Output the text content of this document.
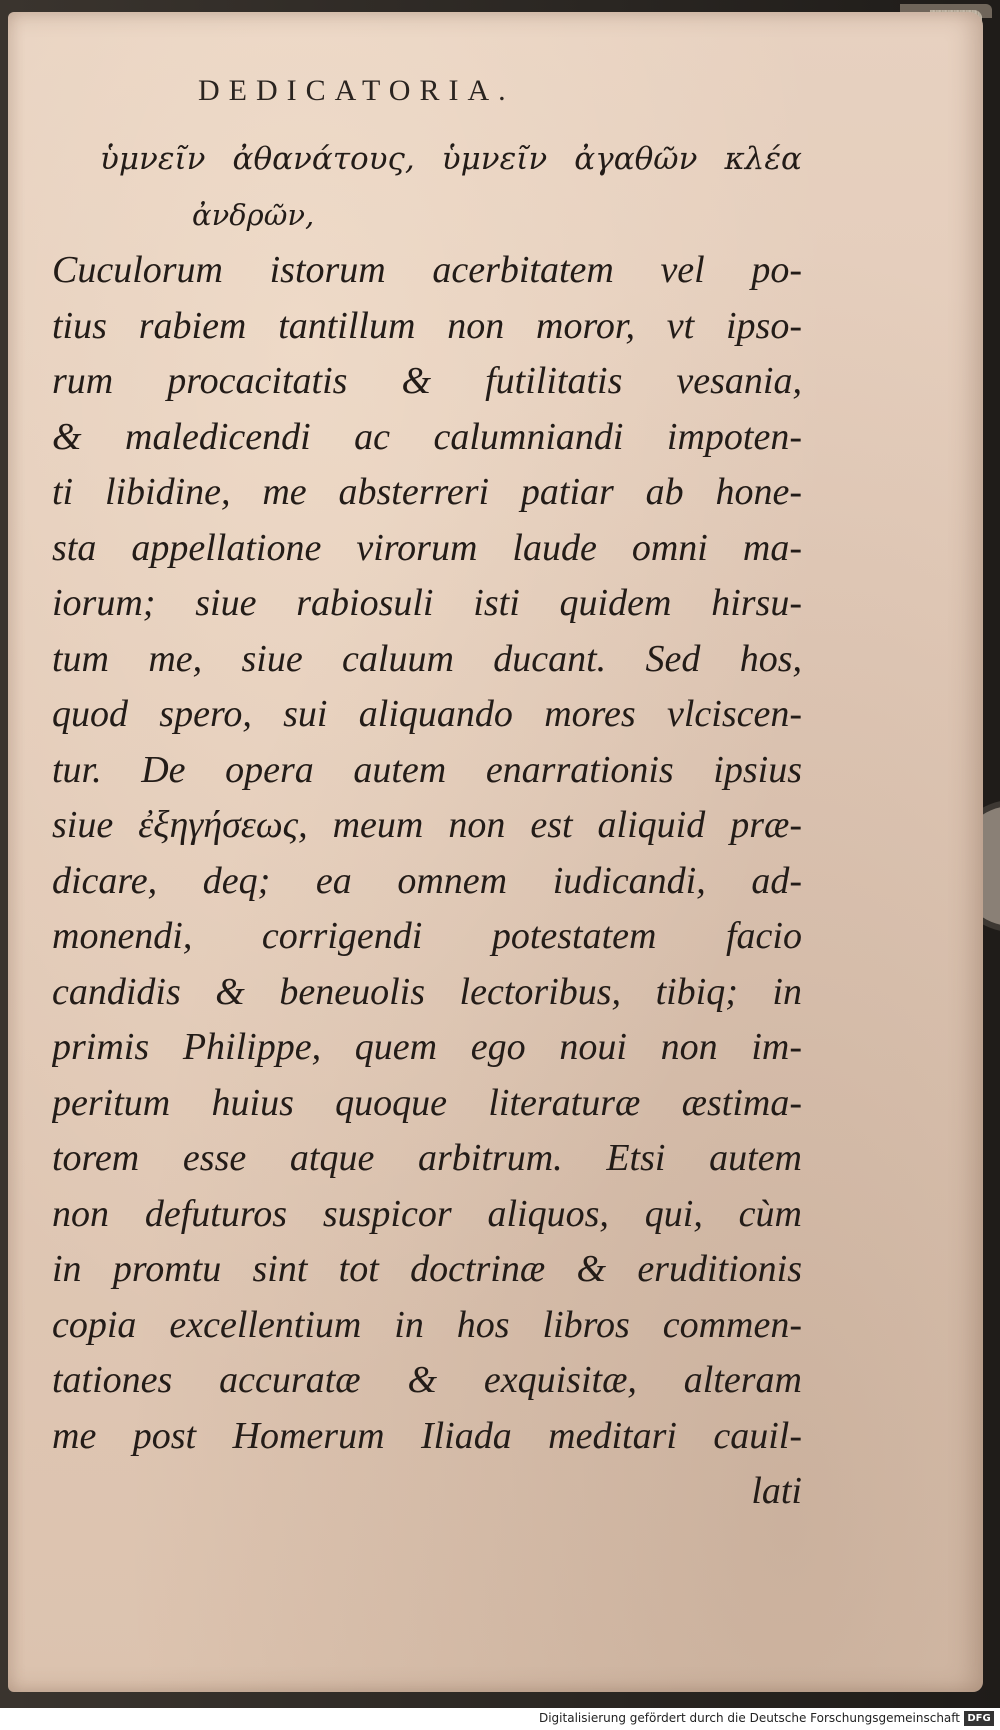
DEDICATORIA.
ὑμνεῖν ἀθανάτους, ὑμνεῖν ἀγαθῶν κλέα
ἀνδρῶν,
Cuculorum istorum acerbitatem vel po-
tius rabiem tantillum non moror, vt ipso-
rum procacitatis & futilitatis vesania,
& maledicendi ac calumniandi impoten-
ti libidine, me absterreri patiar ab hone-
sta appellatione virorum laude omni ma-
iorum; siue rabiosuli isti quidem hirsu-
tum me, siue caluum ducant. Sed hos,
quod spero, sui aliquando mores vlciscen-
tur. De opera autem enarrationis ipsius
siue ἐξηγήσεως, meum non est aliquid præ-
dicare, deq; ea omnem iudicandi, ad-
monendi, corrigendi potestatem facio
candidis & beneuolis lectoribus, tibiq; in
primis Philippe, quem ego noui non im-
peritum huius quoque literaturæ æstima-
torem esse atque arbitrum. Etsi autem
non defuturos suspicor aliquos, qui, cùm
in promtu sint tot doctrinæ & eruditionis
copia excellentium in hos libros commen-
tationes accuratæ & exquisitæ, alteram
me post Homerum Iliada meditari cauil-
lati
Digitalisierung gefördert durch die Deutsche Forschungsgemeinschaft DFG
